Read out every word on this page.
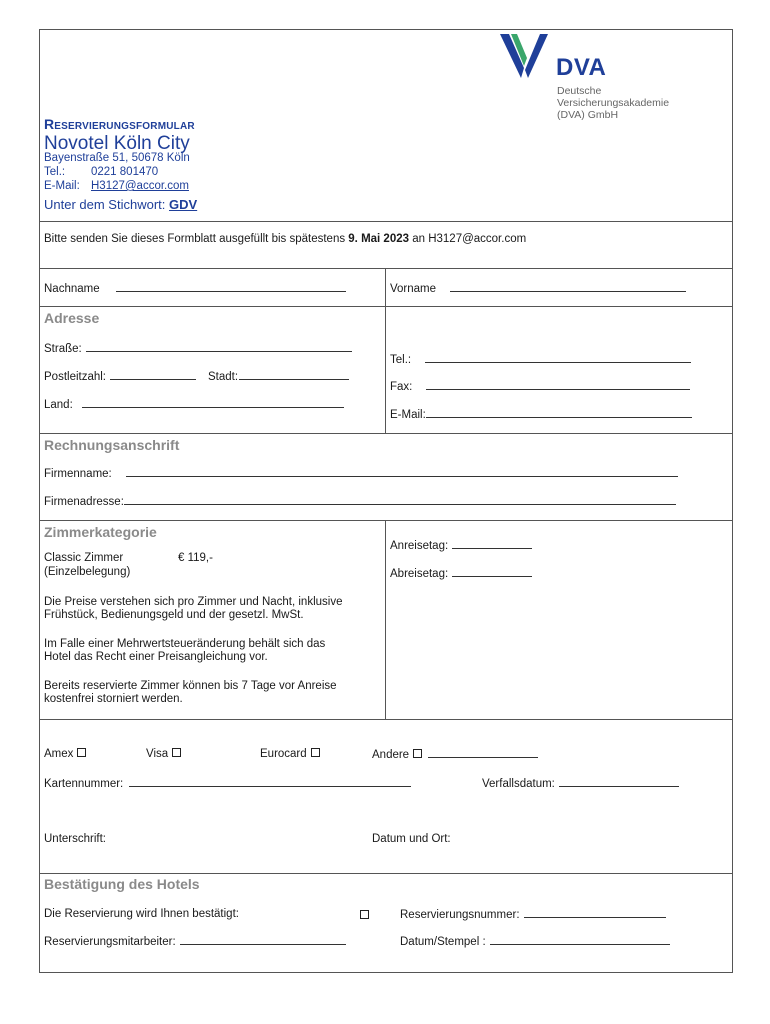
DVA
Deutsche
Versicherungsakademie
(DVA) GmbH
Reservierungsformular
Novotel Köln City
Bayenstraße 51, 50678 Köln
Tel.: 0221 801470
E-Mail: H3127@accor.com
Unter dem Stichwort: GDV
Bitte senden Sie dieses Formblatt ausgefüllt bis spätestens 9. Mai 2023 an H3127@accor.com
Nachname	Vorname
Adresse
Straße:
Postleitzahl:	Stadt:
Land:
Tel.:
Fax:
E-Mail:
Rechnungsanschrift
Firmenname:
Firmenadresse:
Zimmerkategorie
Classic Zimmer
(Einzelbelegung)
€ 119,-
Die Preise verstehen sich pro Zimmer und Nacht, inklusive
Frühstück, Bedienungsgeld und der gesetzl. MwSt.
Im Falle einer Mehrwertsteueränderung behält sich das
Hotel das Recht einer Preisangleichung vor.
Bereits reservierte Zimmer können bis 7 Tage vor Anreise
kostenfrei storniert werden.
Anreisetag:
Abreisetag:
Amex	Visa	Eurocard	Andere
Kartennummer:	Verfallsdatum:
Unterschrift:	Datum und Ort:
Bestätigung des Hotels
Die Reservierung wird Ihnen bestätigt:	Reservierungsnummer:
Reservierungsmitarbeiter:	Datum/Stempel :
